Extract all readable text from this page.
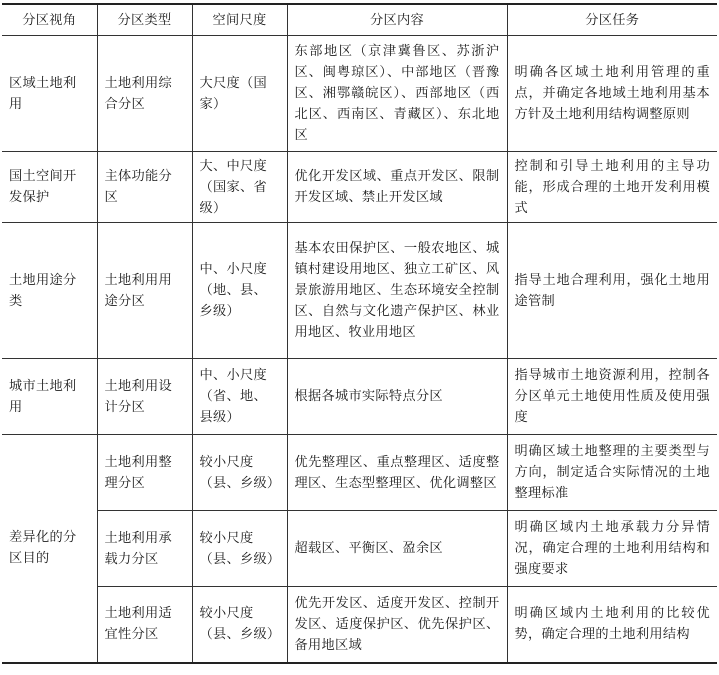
分区视角	分区类型	空间尺度	分区内容	分区任务
区域土地利用	土地利用综合分区	大尺度（国家）	东部地区（京津冀鲁区、苏浙沪区、闽粤琼区）、中部地区（晋豫区、湘鄂赣皖区）、西部地区（西北区、西南区、青藏区）、东北地区	明确各区域土地利用管理的重点，并确定各地域土地利用基本方针及土地利用结构调整原则
国土空间开发保护	主体功能分区	大、中尺度（国家、省级）	优化开发区域、重点开发区、限制开发区域、禁止开发区域	控制和引导土地利用的主导功能，形成合理的土地开发利用模式
土地用途分类	土地利用用途分区	中、小尺度（地、县、乡级）	基本农田保护区、一般农地区、城镇村建设用地区、独立工矿区、风景旅游用地区、生态环境安全控制区、自然与文化遗产保护区、林业用地区、牧业用地区	指导土地合理利用，强化土地用途管制
城市土地利用	土地利用设计分区	中、小尺度（省、地、县级）	根据各城市实际特点分区	指导城市土地资源利用，控制各分区单元土地使用性质及使用强度
差异化的分区目的	土地利用整理分区	较小尺度（县、乡级）	优先整理区、重点整理区、适度整理区、生态型整理区、优化调整区	明确区域土地整理的主要类型与方向，制定适合实际情况的土地整理标准
	土地利用承载力分区	较小尺度（县、乡级）	超载区、平衡区、盈余区	明确区域内土地承载力分异情况，确定合理的土地利用结构和强度要求
	土地利用适宜性分区	较小尺度（县、乡级）	优先开发区、适度开发区、控制开发区、适度保护区、优先保护区、备用地区域	明确区域内土地利用的比较优势，确定合理的土地利用结构
